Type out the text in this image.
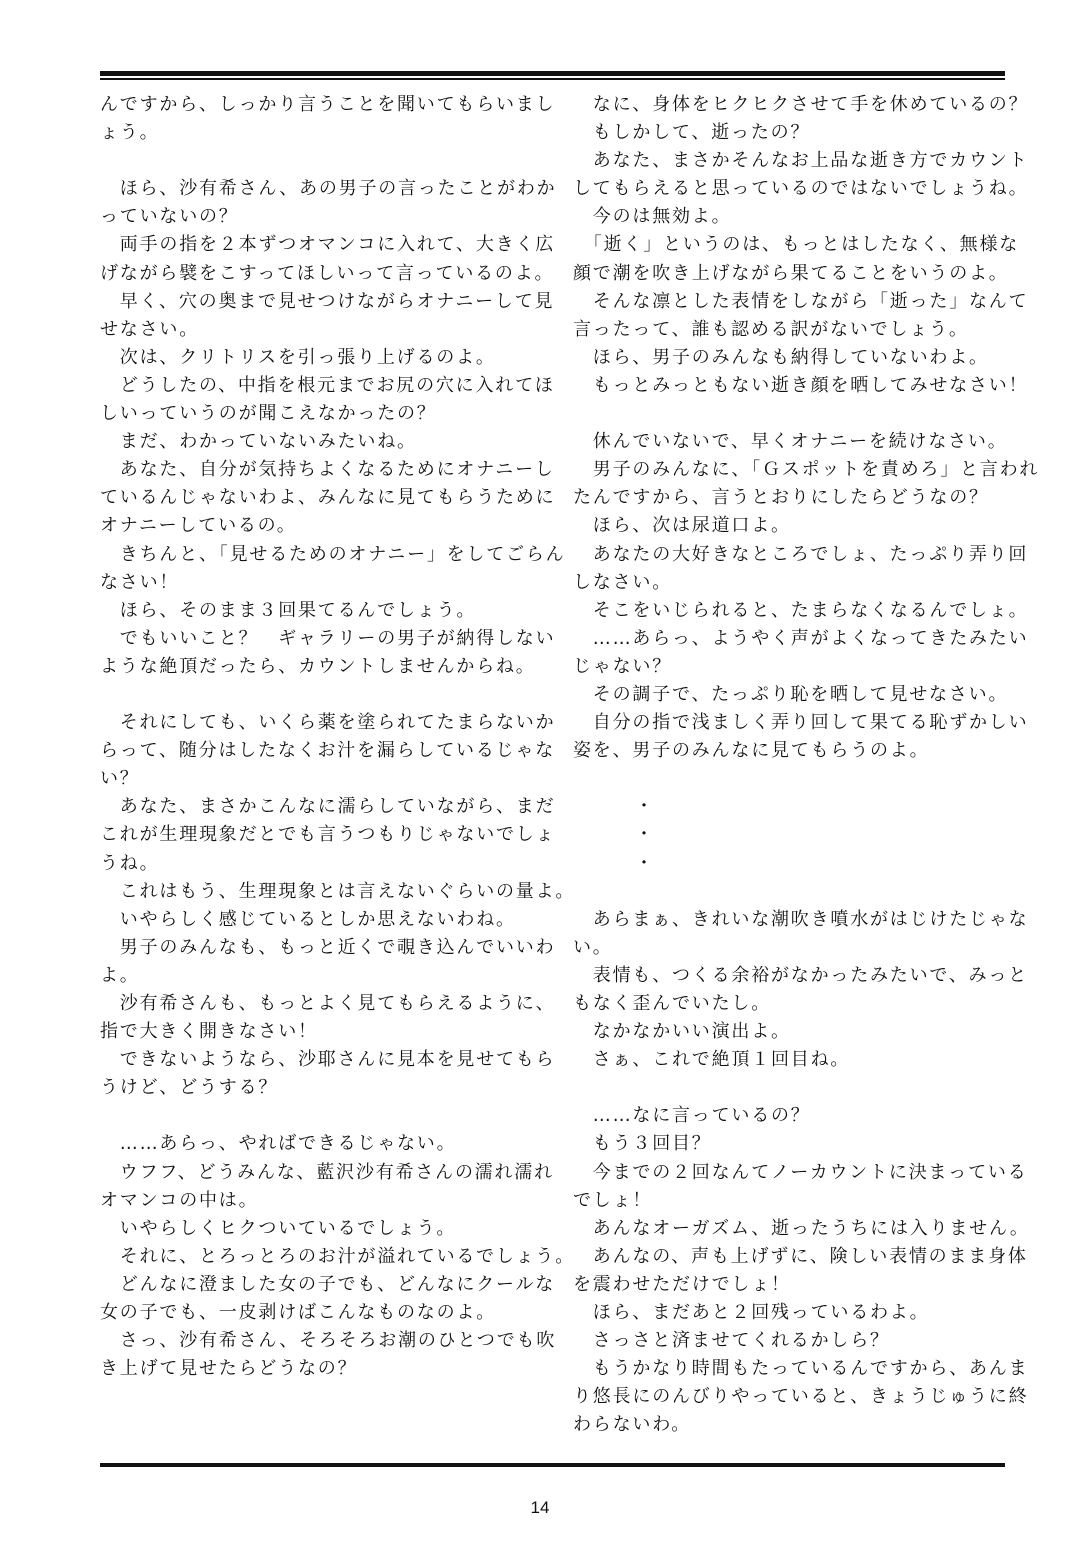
んですから、しっかり言うことを聞いてもらいまし
ょう。
　ほら、沙有希さん、あの男子の言ったことがわか
っていないの？
　両手の指を２本ずつオマンコに入れて、大きく広
げながら襞をこすってほしいって言っているのよ。
　早く、穴の奥まで見せつけながらオナニーして見
せなさい。
　次は、クリトリスを引っ張り上げるのよ。
　どうしたの、中指を根元までお尻の穴に入れてほ
しいっていうのが聞こえなかったの？
　まだ、わかっていないみたいね。
　あなた、自分が気持ちよくなるためにオナニーし
ているんじゃないわよ、みんなに見てもらうために
オナニーしているの。
　きちんと、「見せるためのオナニー」をしてごらん
なさい！
　ほら、そのまま３回果てるんでしょう。
　でもいいこと？　ギャラリーの男子が納得しない
ような絶頂だったら、カウントしませんからね。
　それにしても、いくら薬を塗られてたまらないか
らって、随分はしたなくお汁を漏らしているじゃな
い？
　あなた、まさかこんなに濡らしていながら、まだ
これが生理現象だとでも言うつもりじゃないでしょ
うね。
　これはもう、生理現象とは言えないぐらいの量よ。
　いやらしく感じているとしか思えないわね。
　男子のみんなも、もっと近くで覗き込んでいいわ
よ。
　沙有希さんも、もっとよく見てもらえるように、
指で大きく開きなさい！
　できないようなら、沙耶さんに見本を見せてもら
うけど、どうする？
　……あらっ、やればできるじゃない。
　ウフフ、どうみんな、藍沢沙有希さんの濡れ濡れ
オマンコの中は。
　いやらしくヒクついているでしょう。
　それに、とろっとろのお汁が溢れているでしょう。
　どんなに澄ました女の子でも、どんなにクールな
女の子でも、一皮剥けばこんなものなのよ。
　さっ、沙有希さん、そろそろお潮のひとつでも吹
き上げて見せたらどうなの？
　なに、身体をヒクヒクさせて手を休めているの？
　もしかして、逝ったの？
　あなた、まさかそんなお上品な逝き方でカウント
してもらえると思っているのではないでしょうね。
　今のは無効よ。
　「逝く」というのは、もっとはしたなく、無様な
顔で潮を吹き上げながら果てることをいうのよ。
　そんな凛とした表情をしながら「逝った」なんて
言ったって、誰も認める訳がないでしょう。
　ほら、男子のみんなも納得していないわよ。
　もっとみっともない逝き顔を晒してみせなさい！
　休んでいないで、早くオナニーを続けなさい。
　男子のみんなに、「Ｇスポットを責めろ」と言われ
たんですから、言うとおりにしたらどうなの？
　ほら、次は尿道口よ。
　あなたの大好きなところでしょ、たっぷり弄り回
しなさい。
　そこをいじられると、たまらなくなるんでしょ。
　……あらっ、ようやく声がよくなってきたみたい
じゃない？
　その調子で、たっぷり恥を晒して見せなさい。
　自分の指で浅ましく弄り回して果てる恥ずかしい
姿を、男子のみんなに見てもらうのよ。
・
・
・
　あらまぁ、きれいな潮吹き噴水がはじけたじゃな
い。
　表情も、つくる余裕がなかったみたいで、みっと
もなく歪んでいたし。
　なかなかいい演出よ。
　さぁ、これで絶頂１回目ね。
　……なに言っているの？
　もう３回目？
　今までの２回なんてノーカウントに決まっている
でしょ！
　あんなオーガズム、逝ったうちには入りません。
　あんなの、声も上げずに、険しい表情のまま身体
を震わせただけでしょ！
　ほら、まだあと２回残っているわよ。
　さっさと済ませてくれるかしら？
　もうかなり時間もたっているんですから、あんま
り悠長にのんびりやっていると、きょうじゅうに終
わらないわ。
14
